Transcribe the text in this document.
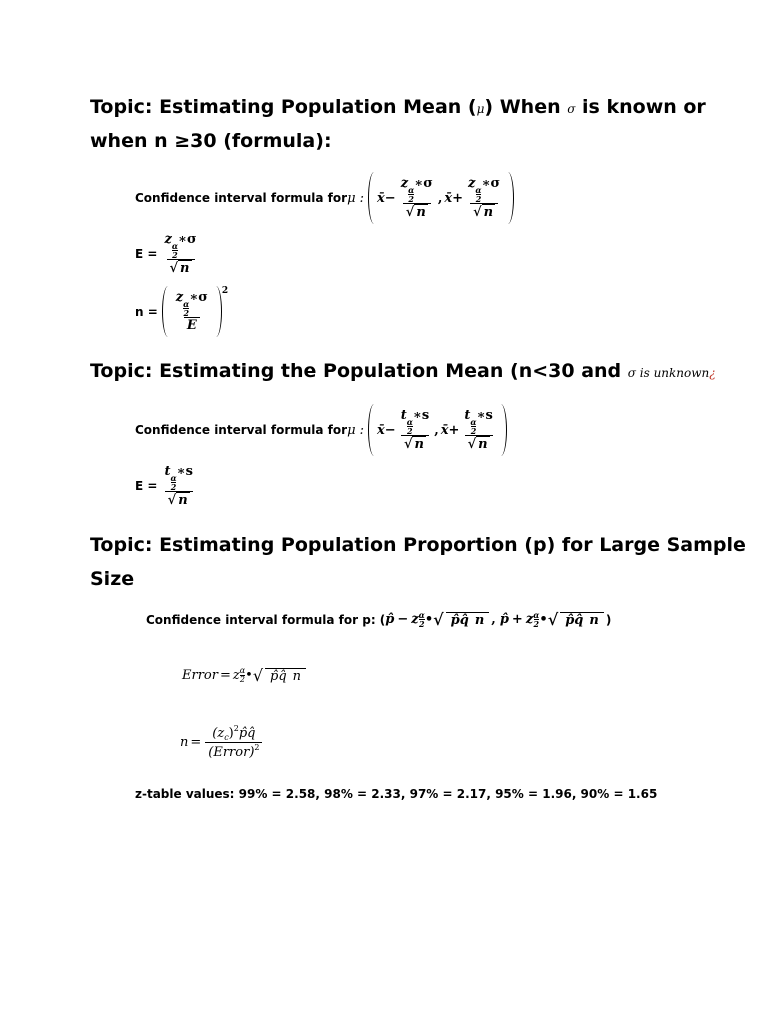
Topic: Estimating Population Mean (μ) When σ is known or
when n ≥30 (formula):
Confidence interval formula for μ : x̄ − z
$\frac{\alpha}{2}$
∗σ
√ n , x̄ + z
$\frac{\alpha}{2}$
∗σ
√ n
E = z
$\frac{\alpha}{2}$
∗σ
√ n
n = z
$\frac{\alpha}{2}$
∗σ
E 2
Topic: Estimating the Population Mean (n<30 and σ is unknown¿
Confidence interval formula for μ : x̄ − t
$\frac{\alpha}{2}$
∗s
√ n , x̄ + t
$\frac{\alpha}{2}$
∗s
√ n
E = t
$\frac{\alpha}{2}$
∗s
√ n
Topic: Estimating Population Proportion (p) for Large Sample
Size
Confidence interval formula for p: ( p̂ − z α
2 • √ p̂q̂ n , p̂ + z α
2 • √ p̂q̂ n )
Error = z α
2 • √ p̂q̂ n
$n = \frac{(z_c)^2p̂q̂}{(Error)^2}$
z-table values: 99% = 2.58, 98% = 2.33, 97% = 2.17, 95% = 1.96, 90% = 1.65
